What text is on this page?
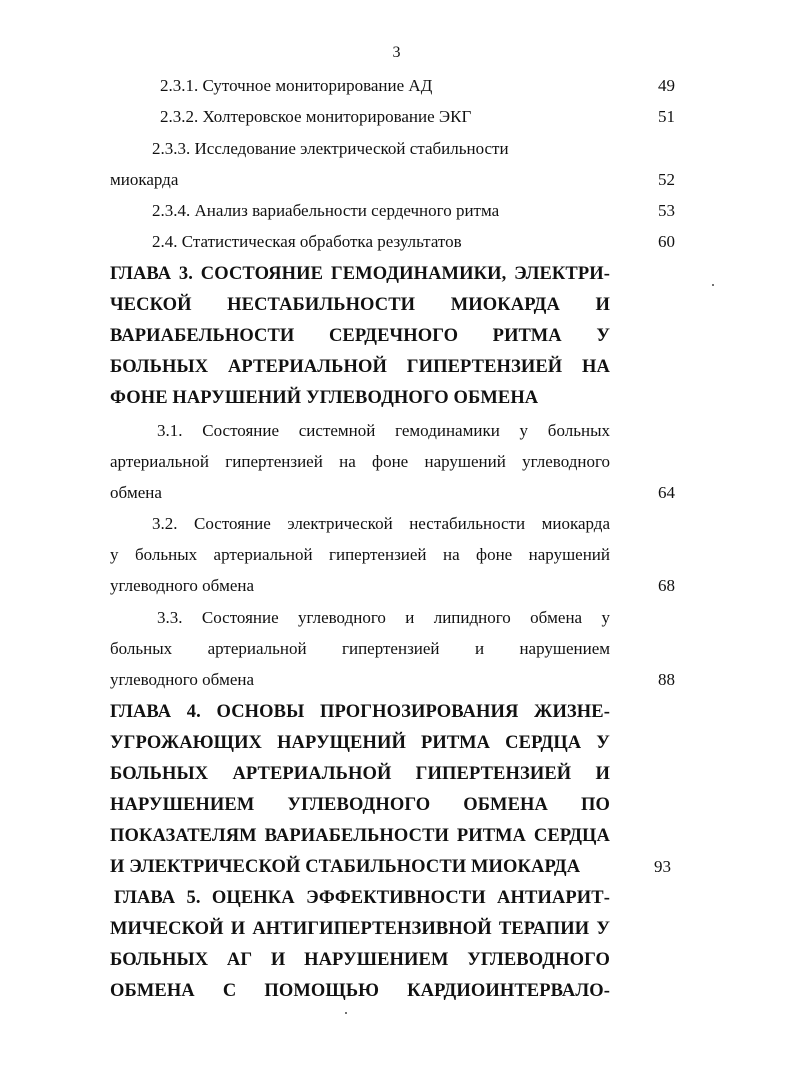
3
2.3.1. Суточное мониторирование АД	49
2.3.2. Холтеровское мониторирование ЭКГ	51
2.3.3. Исследование электрической стабильности
миокарда	52
2.3.4. Анализ вариабельности сердечного ритма	53
2.4. Статистическая обработка результатов	60
ГЛАВА 3. СОСТОЯНИЕ ГЕМОДИНАМИКИ, ЭЛЕКТРИ-
ЧЕСКОЙ НЕСТАБИЛЬНОСТИ МИОКАРДА И
ВАРИАБЕЛЬНОСТИ СЕРДЕЧНОГО РИТМА У
БОЛЬНЫХ АРТЕРИАЛЬНОЙ ГИПЕРТЕНЗИЕЙ НА
ФОНЕ НАРУШЕНИЙ УГЛЕВОДНОГО ОБМЕНА
3.1. Состояние системной гемодинамики у больных
артериальной гипертензией на фоне нарушений углеводного
обмена	64
3.2. Состояние электрической нестабильности миокарда
у больных артериальной гипертензией на фоне нарушений
углеводного обмена	68
3.3. Состояние углеводного и липидного обмена у
больных артериальной гипертензией и нарушением
углеводного обмена	88
ГЛАВА 4. ОСНОВЫ ПРОГНОЗИРОВАНИЯ ЖИЗНЕ-
УГРОЖАЮЩИХ НАРУЩЕНИЙ РИТМА СЕРДЦА У
БОЛЬНЫХ АРТЕРИАЛЬНОЙ ГИПЕРТЕНЗИЕЙ И
НАРУШЕНИЕМ УГЛЕВОДНОГО ОБМЕНА ПО
ПОКАЗАТЕЛЯМ ВАРИАБЕЛЬНОСТИ РИТМА СЕРДЦА
И ЭЛЕКТРИЧЕСКОЙ СТАБИЛЬНОСТИ МИОКАРДА	93
ГЛАВА 5. ОЦЕНКА ЭФФЕКТИВНОСТИ АНТИАРИТ-
МИЧЕСКОЙ И АНТИГИПЕРТЕНЗИВНОЙ ТЕРАПИИ У
БОЛЬНЫХ АГ И НАРУШЕНИЕМ УГЛЕВОДНОГО
ОБМЕНА С ПОМОЩЬЮ КАРДИОИНТЕРВАЛО-
